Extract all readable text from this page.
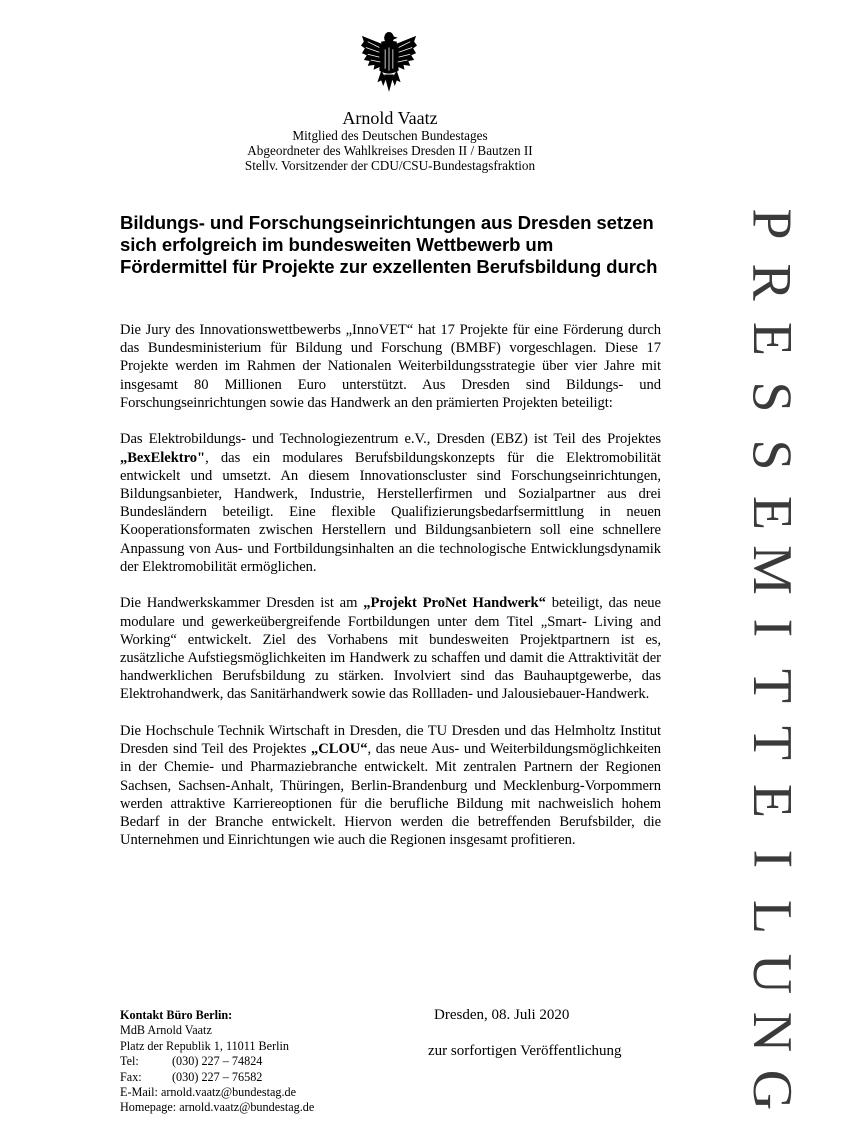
Arnold Vaatz
Mitglied des Deutschen Bundestages
Abgeordneter des Wahlkreises Dresden II / Bautzen II
Stellv. Vorsitzender der CDU/CSU-Bundestagsfraktion
Bildungs- und Forschungseinrichtungen aus Dresden setzen sich erfolgreich im bundesweiten Wettbewerb um Fördermittel für Projekte zur exzellenten Berufsbildung durch

Die Jury des Innovationswettbewerbs „InnoVET“ hat 17 Projekte für eine Förderung durch das Bundesministerium für Bildung und Forschung (BMBF) vorgeschlagen. Diese 17 Projekte werden im Rahmen der Nationalen Weiterbildungsstrategie über vier Jahre mit insgesamt 80 Millionen Euro unterstützt. Aus Dresden sind Bildungs- und Forschungseinrichtungen sowie das Handwerk an den prämierten Projekten beteiligt:

Das Elektrobildungs- und Technologiezentrum e.V., Dresden (EBZ) ist Teil des Projektes „BexElektro", das ein modulares Berufsbildungskonzepts für die Elektromobilität entwickelt und umsetzt. An diesem Innovationscluster sind Forschungseinrichtungen, Bildungsanbieter, Handwerk, Industrie, Herstellerfirmen und Sozialpartner aus drei Bundesländern beteiligt. Eine flexible Qualifizierungsbedarfsermittlung in neuen Kooperationsformaten zwischen Herstellern und Bildungsanbietern soll eine schnellere Anpassung von Aus- und Fortbildungsinhalten an die technologische Entwicklungsdynamik der Elektromobilität ermöglichen.

Die Handwerkskammer Dresden ist am „Projekt ProNet Handwerk“ beteiligt, das neue modulare und gewerkeübergreifende Fortbildungen unter dem Titel „Smart- Living and Working“ entwickelt. Ziel des Vorhabens mit bundesweiten Projektpartnern ist es, zusätzliche Aufstiegsmöglichkeiten im Handwerk zu schaffen und damit die Attraktivität der handwerklichen Berufsbildung zu stärken. Involviert sind das Bauhauptgewerbe, das Elektrohandwerk, das Sanitärhandwerk sowie das Rollladen- und Jalousiebauer-Handwerk.

Die Hochschule Technik Wirtschaft in Dresden, die TU Dresden und das Helmholtz Institut Dresden sind Teil des Projektes „CLOU“, das neue Aus- und Weiterbildungsmöglichkeiten in der Chemie- und Pharmaziebranche entwickelt. Mit zentralen Partnern der Regionen Sachsen, Sachsen-Anhalt, Thüringen, Berlin-Brandenburg und Mecklenburg-Vorpommern werden attraktive Karriereoptionen für die berufliche Bildung mit nachweislich hohem Bedarf in der Branche entwickelt. Hiervon werden die betreffenden Berufsbilder, die Unternehmen und Einrichtungen wie auch die Regionen insgesamt profitieren.

P
R
E
S
S
E
M
I
T
T
E
I
L
U
N
G
Kontakt Büro Berlin:
MdB Arnold Vaatz
Platz der Republik 1, 11011 Berlin
Tel:	(030) 227 – 74824
Fax:	(030) 227 – 76582
E-Mail: arnold.vaatz@bundestag.de
Homepage: arnold.vaatz@bundestag.de
Dresden, 08. Juli 2020
zur sorfortigen Veröffentlichung
